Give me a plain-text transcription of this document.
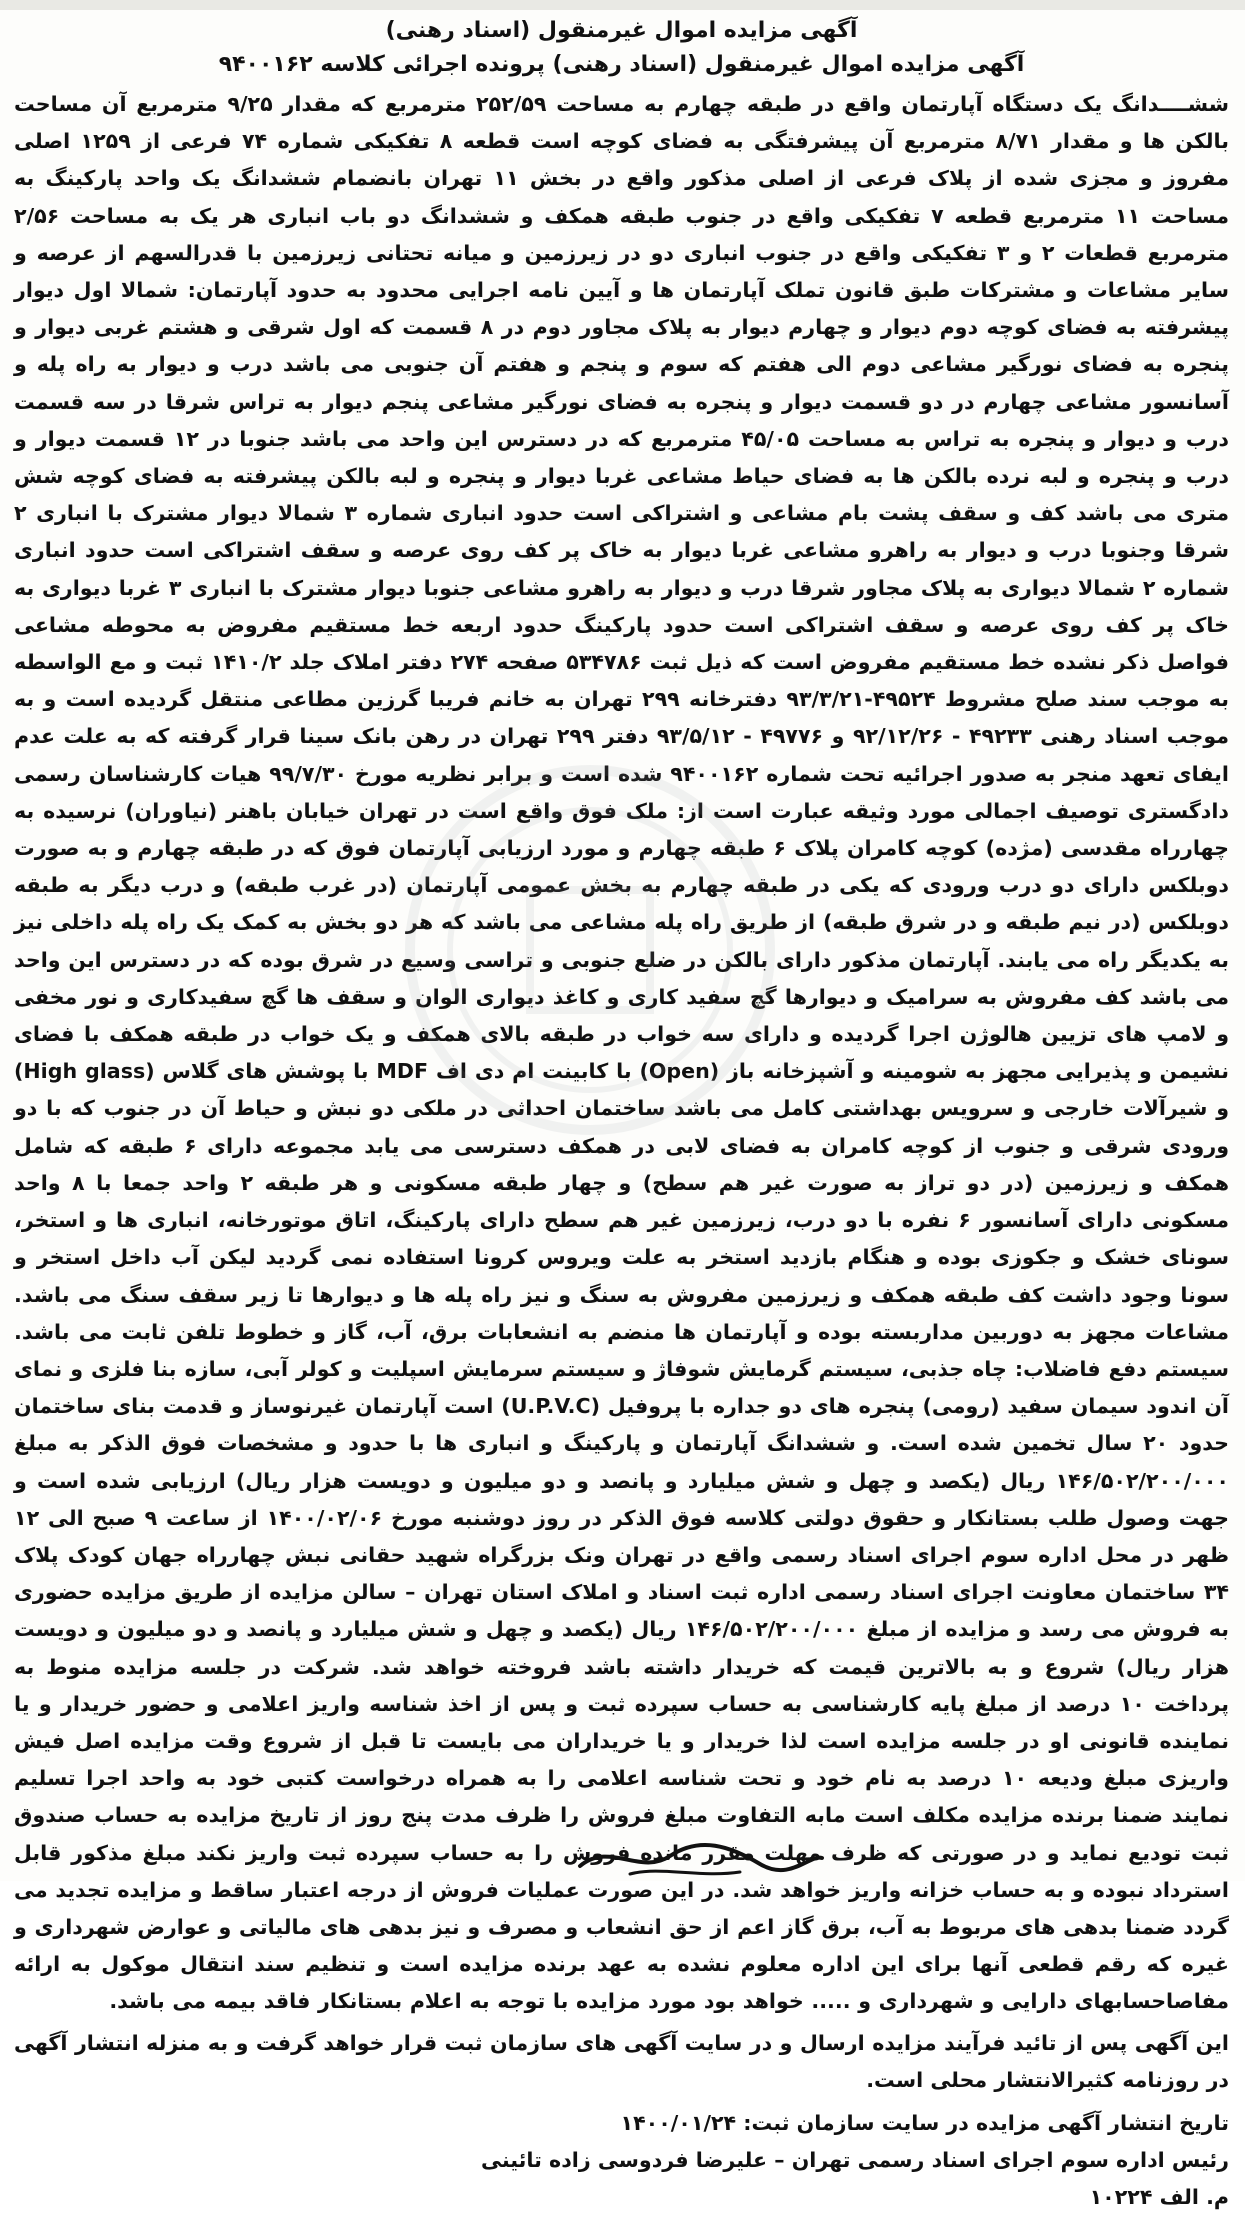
آگهی مزایده اموال غیرمنقول (اسناد رهنی)
آگهی مزایده اموال غیرمنقول (اسناد رهنی) پرونده اجرائی کلاسه ۹۴۰۰۱۶۲

ششــــدانگ یک دستگاه آپارتمان واقع در طبقه چهارم به مساحت ۲۵۲/۵۹ مترمربع که مقدار ۹/۲۵ مترمربع آن مساحت بالکن ها و مقدار ۸/۷۱ مترمربع آن پیشرفتگی به فضای کوچه است قطعه ۸ تفکیکی شماره ۷۴ فرعی از ۱۲۵۹ اصلی مفروز و مجزی شده از پلاک فرعی از اصلی مذکور واقع در بخش ۱۱ تهران بانضمام ششدانگ یک واحد پارکینگ به مساحت ۱۱ مترمربع قطعه ۷ تفکیکی واقع در جنوب طبقه همکف و ششدانگ دو باب انباری هر یک به مساحت ۲/۵۶ مترمربع قطعات ۲ و ۳ تفکیکی واقع در جنوب انباری دو در زیرزمین و میانه تحتانی زیرزمین با قدرالسهم از عرصه و سایر مشاعات و مشترکات طبق قانون تملک آپارتمان ها و آیین نامه اجرایی محدود به حدود آپارتمان: شمالا اول دیوار پیشرفته به فضای کوچه دوم دیوار و چهارم دیوار به پلاک مجاور دوم در ۸ قسمت که اول شرقی و هشتم غربی دیوار و پنجره به فضای نورگیر مشاعی دوم الی هفتم که سوم و پنجم و هفتم آن جنوبی می باشد درب و دیوار به راه پله و آسانسور مشاعی چهارم در دو قسمت دیوار و پنجره به فضای نورگیر مشاعی پنجم دیوار به تراس شرقا در سه قسمت درب و دیوار و پنجره به تراس به مساحت ۴۵/۰۵ مترمربع که در دسترس این واحد می باشد جنوبا در ۱۲ قسمت دیوار و درب و پنجره و لبه نرده بالکن ها به فضای حیاط مشاعی غربا دیوار و پنجره و لبه بالکن پیشرفته به فضای کوچه شش متری می باشد کف و سقف پشت بام مشاعی و اشتراکی است حدود انباری شماره ۳ شمالا دیوار مشترک با انباری ۲ شرقا وجنوبا درب و دیوار به راهرو مشاعی غربا دیوار به خاک پر کف روی عرصه و سقف اشتراکی است حدود انباری شماره ۲ شمالا دیواری به پلاک مجاور شرقا درب و دیوار به راهرو مشاعی جنوبا دیوار مشترک با انباری ۳ غربا دیواری به خاک پر کف روی عرصه و سقف اشتراکی است حدود پارکینگ حدود اربعه خط مستقیم مفروض به محوطه مشاعی فواصل ذکر نشده خط مستقیم مفروض است که ذیل ثبت ۵۳۴۷۸۶ صفحه ۲۷۴ دفتر املاک جلد ۱۴۱۰/۲ ثبت و مع الواسطه به موجب سند صلح مشروط ۴۹۵۲۴-۹۳/۳/۲۱ دفترخانه ۲۹۹ تهران به خانم فریبا گرزین مطاعی منتقل گردیده است و به موجب اسناد رهنی ۴۹۲۳۳ - ۹۲/۱۲/۲۶ و ۴۹۷۷۶ - ۹۳/۵/۱۲ دفتر ۲۹۹ تهران در رهن بانک سینا قرار گرفته که به علت عدم ایفای تعهد منجر به صدور اجرائیه تحت شماره ۹۴۰۰۱۶۲ شده است و برابر نظریه مورخ ۹۹/۷/۳۰ هیات کارشناسان رسمی دادگستری توصیف اجمالی مورد وثیقه عبارت است از: ملک فوق واقع است در تهران خیابان باهنر (نیاوران) نرسیده به چهارراه مقدسی (مژده) کوچه کامران پلاک ۶ طبقه چهارم و مورد ارزیابی آپارتمان فوق که در طبقه چهارم و به صورت دوبلکس دارای دو درب ورودی که یکی در طبقه چهارم به بخش عمومی آپارتمان (در غرب طبقه) و درب دیگر به طبقه دوبلکس (در نیم طبقه و در شرق طبقه) از طریق راه پله مشاعی می باشد که هر دو بخش به کمک یک راه پله داخلی نیز به یکدیگر راه می یابند. آپارتمان مذکور دارای بالکن در ضلع جنوبی و تراسی وسیع در شرق بوده که در دسترس این واحد می باشد کف مفروش به سرامیک و دیوارها گچ سفید کاری و کاغذ دیواری الوان و سقف ها گچ سفیدکاری و نور مخفی و لامپ های تزیین هالوژن اجرا گردیده و دارای سه خواب در طبقه بالای همکف و یک خواب در طبقه همکف با فضای نشیمن و پذیرایی مجهز به شومینه و آشپزخانه باز (Open) با کابینت ام دی اف MDF با پوشش های گلاس (High glass) و شیرآلات خارجی و سرویس بهداشتی کامل می باشد ساختمان احداثی در ملکی دو نبش و حیاط آن در جنوب که با دو ورودی شرقی و جنوب از کوچه کامران به فضای لابی در همکف دسترسی می یابد مجموعه دارای ۶ طبقه که شامل همکف و زیرزمین (در دو تراز به صورت غیر هم سطح) و چهار طبقه مسکونی و هر طبقه ۲ واحد جمعا با ۸ واحد مسکونی دارای آسانسور ۶ نفره با دو درب، زیرزمین غیر هم سطح دارای پارکینگ، اتاق موتورخانه، انباری ها و استخر، سونای خشک و جکوزی بوده و هنگام بازدید استخر به علت ویروس کرونا استفاده نمی گردید لیکن آب داخل استخر و سونا وجود داشت کف طبقه همکف و زیرزمین مفروش به سنگ و نیز راه پله ها و دیوارها تا زیر سقف سنگ می باشد. مشاعات مجهز به دوربین مداربسته بوده و آپارتمان ها منضم به انشعابات برق، آب، گاز و خطوط تلفن ثابت می باشد. سیستم دفع فاضلاب: چاه جذبی، سیستم گرمایش شوفاژ و سیستم سرمایش اسپلیت و کولر آبی، سازه بنا فلزی و نمای آن اندود سیمان سفید (رومی) پنجره های دو جداره با پروفیل (U.P.V.C) است آپارتمان غیرنوساز و قدمت بنای ساختمان حدود ۲۰ سال تخمین شده است. و ششدانگ آپارتمان و پارکینگ و انباری ها با حدود و مشخصات فوق الذکر به مبلغ ۱۴۶/۵۰۲/۲۰۰/۰۰۰ ریال (یکصد و چهل و شش میلیارد و پانصد و دو میلیون و دویست هزار ریال) ارزیابی شده است و جهت وصول طلب بستانکار و حقوق دولتی کلاسه فوق الذکر در روز دوشنبه مورخ ۱۴۰۰/۰۲/۰۶ از ساعت ۹ صبح الی ۱۲ ظهر در محل اداره سوم اجرای اسناد رسمی واقع در تهران ونک بزرگراه شهید حقانی نبش چهارراه جهان کودک پلاک ۳۴ ساختمان معاونت اجرای اسناد رسمی اداره ثبت اسناد و املاک استان تهران – سالن مزایده از طریق مزایده حضوری به فروش می رسد و مزایده از مبلغ ۱۴۶/۵۰۲/۲۰۰/۰۰۰ ریال (یکصد و چهل و شش میلیارد و پانصد و دو میلیون و دویست هزار ریال) شروع و به بالاترین قیمت که خریدار داشته باشد فروخته خواهد شد. شرکت در جلسه مزایده منوط به پرداخت ۱۰ درصد از مبلغ پایه کارشناسی به حساب سپرده ثبت و پس از اخذ شناسه واریز اعلامی و حضور خریدار و یا نماینده قانونی او در جلسه مزایده است لذا خریدار و یا خریداران می بایست تا قبل از شروع وقت مزایده اصل فیش واریزی مبلغ ودیعه ۱۰ درصد به نام خود و تحت شناسه اعلامی را به همراه درخواست کتبی خود به واحد اجرا تسلیم نمایند ضمنا برنده مزایده مکلف است مابه التفاوت مبلغ فروش را ظرف مدت پنج روز از تاریخ مزایده به حساب صندوق ثبت تودیع نماید و در صورتی که ظرف مهلت مقرر مانده فروش را به حساب سپرده ثبت واریز نکند مبلغ مذکور قابل استرداد نبوده و به حساب خزانه واریز خواهد شد. در این صورت عملیات فروش از درجه اعتبار ساقط و مزایده تجدید می گردد ضمنا بدهی های مربوط به آب، برق گاز اعم از حق انشعاب و مصرف و نیز بدهی های مالیاتی و عوارض شهرداری و غیره که رقم قطعی آنها برای این اداره معلوم نشده به عهد برنده مزایده است و تنظیم سند انتقال موکول به ارائه مفاصاحسابهای دارایی و شهرداری و ..... خواهد بود مورد مزایده با توجه به اعلام بستانکار فاقد بیمه می باشد.

این آگهی پس از تائید فرآیند مزایده ارسال و در سایت آگهی های سازمان ثبت قرار خواهد گرفت و به منزله انتشار آگهی در روزنامه کثیرالانتشار محلی است.

تاریخ انتشار آگهی مزایده در سایت سازمان ثبت: ۱۴۰۰/۰۱/۲۴

رئیس اداره سوم اجرای اسناد رسمی تهران – علیرضا فردوسی زاده تائینی

م. الف ۱۰۲۲۴
